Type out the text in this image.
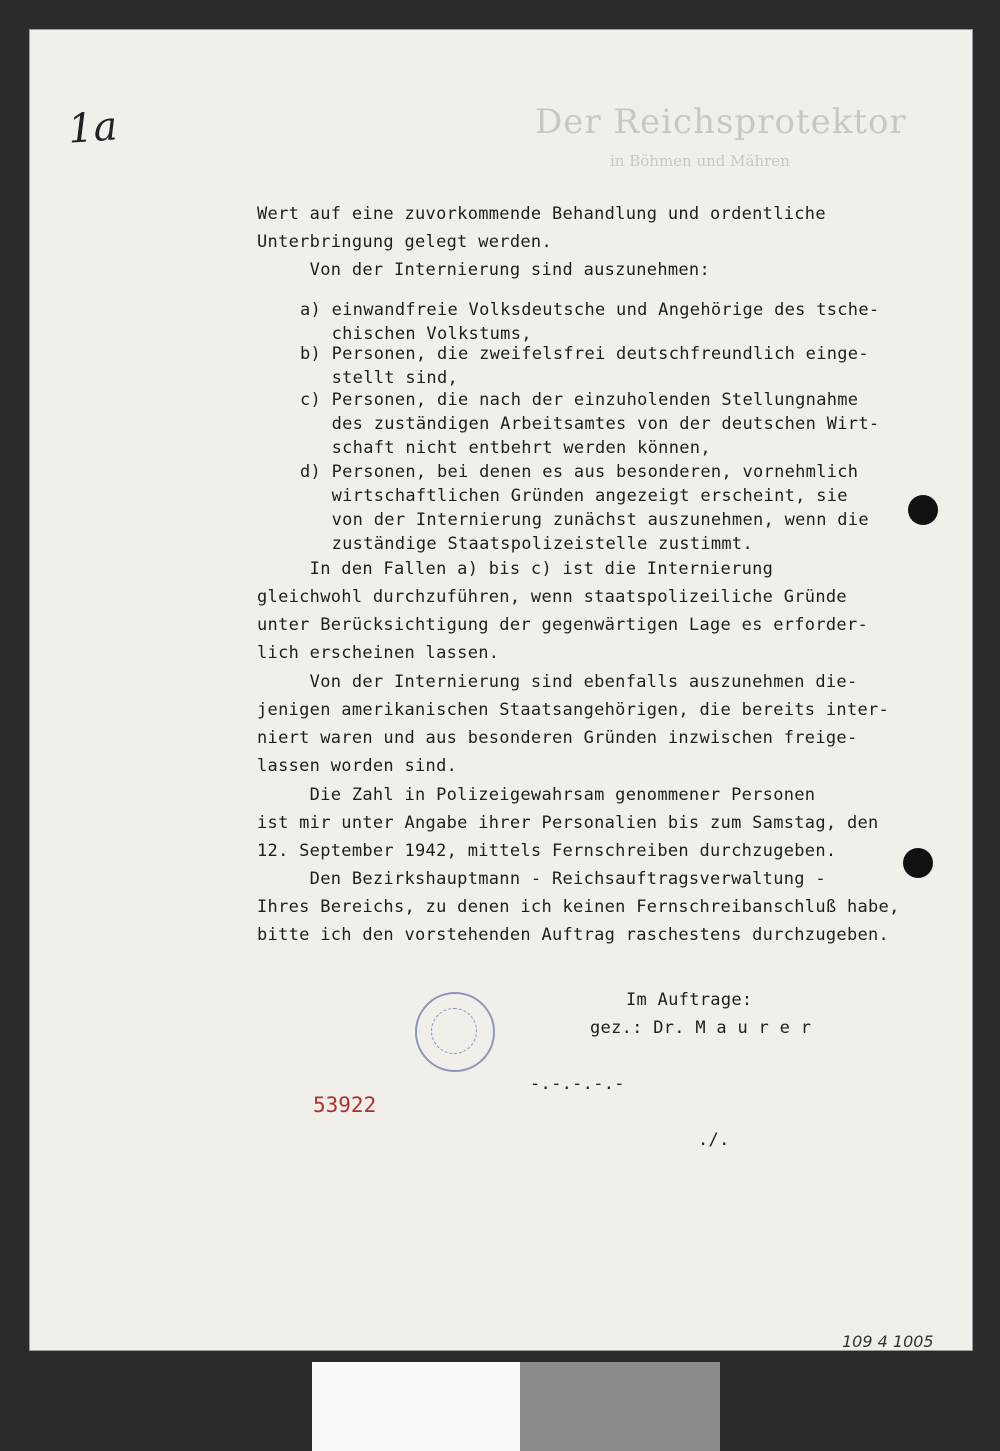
Der Reichsprotektor
in Böhmen und Mähren
1a
Wert auf eine zuvorkommende Behandlung und ordentliche
Unterbringung gelegt werden.
Von der Internierung sind auszunehmen:
a) einwandfreie Volksdeutsche und Angehörige des tsche-
chischen Volkstums,
b) Personen, die zweifelsfrei deutschfreundlich einge-
stellt sind,
c) Personen, die nach der einzuholenden Stellungnahme
des zuständigen Arbeitsamtes von der deutschen Wirt-
schaft nicht entbehrt werden können,
d) Personen, bei denen es aus besonderen, vornehmlich
wirtschaftlichen Gründen angezeigt erscheint, sie
von der Internierung zunächst auszunehmen, wenn die
zuständige Staatspolizeistelle zustimmt.
In den Fallen a) bis c) ist die Internierung
gleichwohl durchzuführen, wenn staatspolizeiliche Gründe
unter Berücksichtigung der gegenwärtigen Lage es erforder-
lich erscheinen lassen.
Von der Internierung sind ebenfalls auszunehmen die-
jenigen amerikanischen Staatsangehörigen, die bereits inter-
niert waren und aus besonderen Gründen inzwischen freige-
lassen worden sind.
Die Zahl in Polizeigewahrsam genommener Personen
ist mir unter Angabe ihrer Personalien bis zum Samstag, den
12. September 1942, mittels Fernschreiben durchzugeben.
Den Bezirkshauptmann - Reichsauftragsverwaltung -
Ihres Bereichs, zu denen ich keinen Fernschreibanschluß habe,
bitte ich den vorstehenden Auftrag raschestens durchzugeben.
Im Auftrage:
gez.: Dr. M a u r e r
-.-.-.-.-
./.
53922
109 4 1005
